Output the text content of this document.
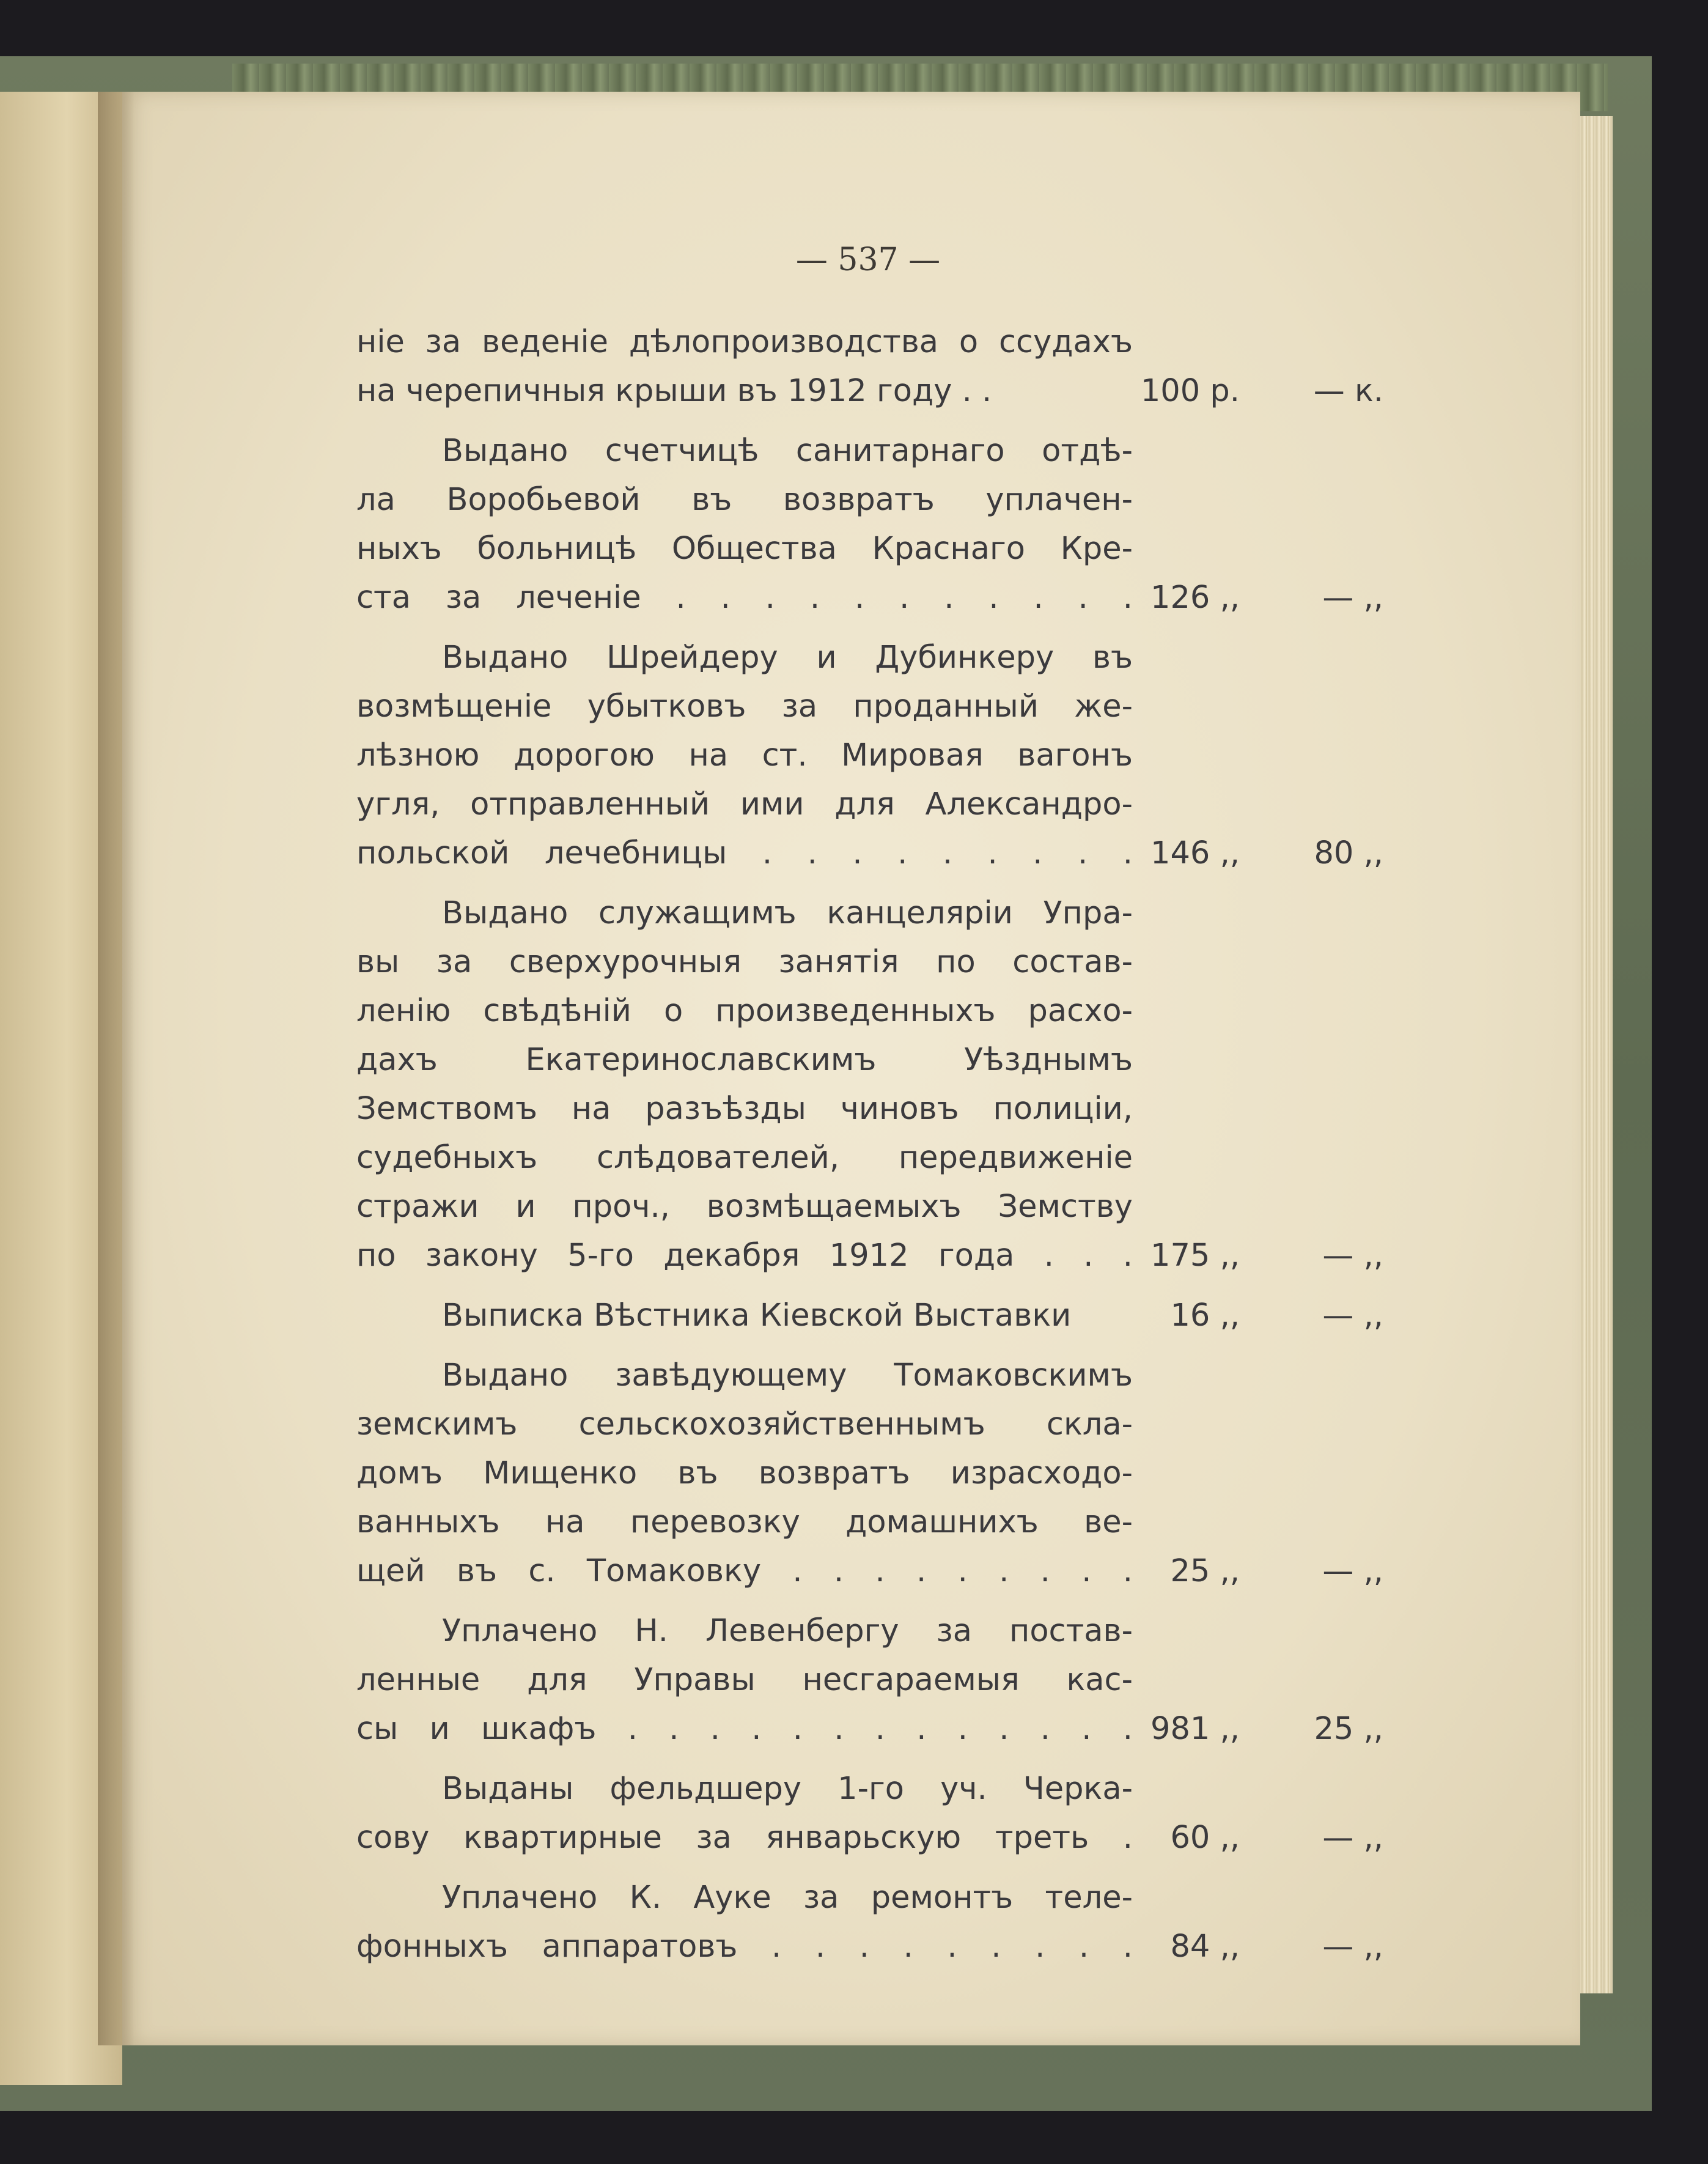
— 537 —
ніе за веденіе дѣлопроизводства о ссудахъ
на черепичныя крыши въ 1912 году . .	100 р.	— к.
Выдано счетчицѣ санитарнаго отдѣ-
ла Воробьевой въ возвратъ уплачен-
ныхъ больницѣ Общества Краснаго Кре-
ста за леченіе . . . . . . . . . . . 126 ,,	— ,,
Выдано Шрейдеру и Дубинкеру въ
возмѣщеніе убытковъ за проданный же-
лѣзною дорогою на ст. Мировая вагонъ
угля, отправленный ими для Александро-
польской лечебницы . . . . . . . . . 146 ,,	80 ,,
Выдано служащимъ канцеляріи Упра-
вы за сверхурочныя занятія по состав-
ленію свѣдѣній о произведенныхъ расхо-
дахъ Екатеринославскимъ Уѣзднымъ
Земствомъ на разъѣзды чиновъ полиціи,
судебныхъ слѣдователей, передвиженіе
стражи и проч., возмѣщаемыхъ Земству
по закону 5-го декабря 1912 года . . . 175 ,,	— ,,
Выписка Вѣстника Кіевской Выставки	16 ,,	— ,,
Выдано завѣдующему Томаковскимъ
земскимъ сельскохозяйственнымъ скла-
домъ Мищенко въ возвратъ израсходо-
ванныхъ на перевозку домашнихъ ве-
щей въ с. Томаковку . . . . . . . . .	25 ,,	— ,,
Уплачено Н. Левенбергу за постав-
ленные для Управы несгараемыя кас-
сы и шкафъ . . . . . . . . . . . . . 981 ,,	25 ,,
Выданы фельдшеру 1-го уч. Черка-
сову квартирные за январьскую треть .	60 ,,	— ,,
Уплачено К. Ауке за ремонтъ теле-
фонныхъ аппаратовъ . . . . . . . . .	84 ,,	— ,,
